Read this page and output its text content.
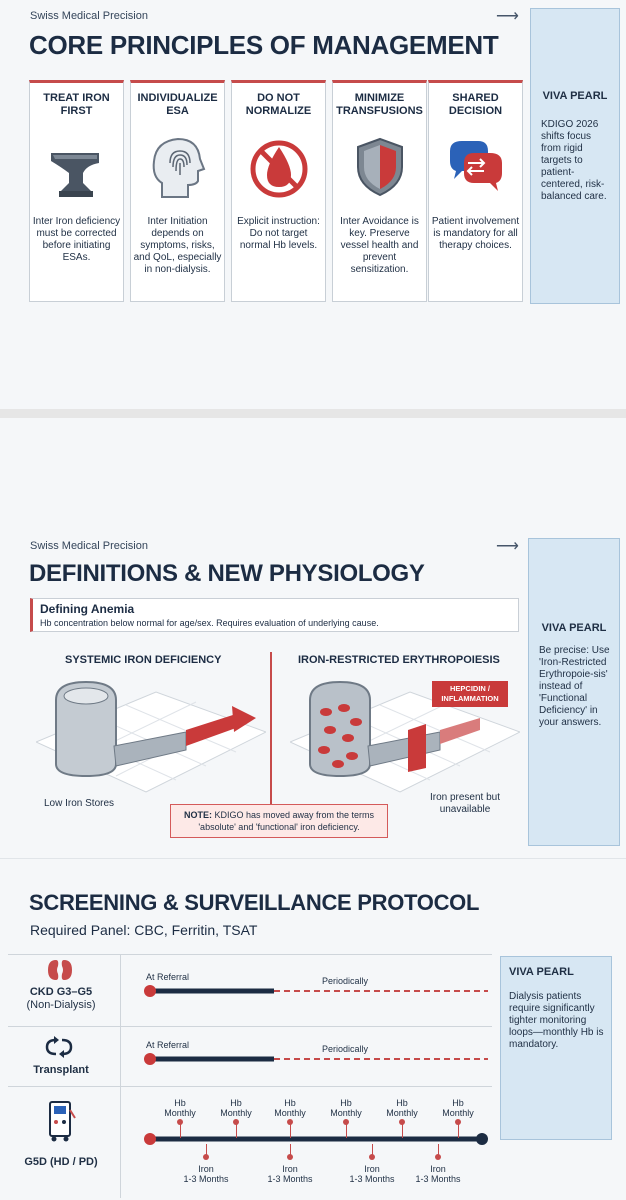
Swiss Medical Precision	⟶
CORE PRINCIPLES OF MANAGEMENT
TREAT IRON FIRST
Inter Iron deficiency must be corrected before initiating ESAs.
INDIVIDUALIZE ESA
Inter Initiation depends on symptoms, risks, and QoL, especially in non-dialysis.
DO NOT NORMALIZE
Explicit instruction: Do not target normal Hb levels.
MINIMIZE TRANSFUSIONS
Inter Avoidance is key. Preserve vessel health and prevent sensitization.
SHARED DECISION
Patient involvement is mandatory for all therapy choices.
VIVA PEARL
KDIGO 2026 shifts focus from rigid targets to patient-centered, risk-balanced care.
Swiss Medical Precision	⟶
DEFINITIONS & NEW PHYSIOLOGY
Defining Anemia
Hb concentration below normal for age/sex. Requires evaluation of underlying cause.
SYSTEMIC IRON DEFICIENCY	IRON-RESTRICTED ERYTHROPOIESIS
Low Iron Stores
HEPCIDIN / INFLAMMATION
Iron present but unavailable
NOTE: KDIGO has moved away from the terms 'absolute' and 'functional' iron deficiency.
VIVA PEARL
Be precise: Use 'Iron-Restricted Erythropoie-sis' instead of 'Functional Deficiency' in your answers.
SCREENING & SURVEILLANCE PROTOCOL
Required Panel: CBC, Ferritin, TSAT
CKD G3–G5
(Non-Dialysis)
At Referral	Periodically
Transplant
At Referral	Periodically
G5D (HD / PD)
Hb
Monthly
Hb
Monthly
Hb
Monthly
Hb
Monthly
Hb
Monthly
Hb
Monthly
Iron
1-3 Months
Iron
1-3 Months
Iron
1-3 Months
Iron
1-3 Months
VIVA PEARL
Dialysis patients require significantly tighter monitoring loops—monthly Hb is mandatory.
